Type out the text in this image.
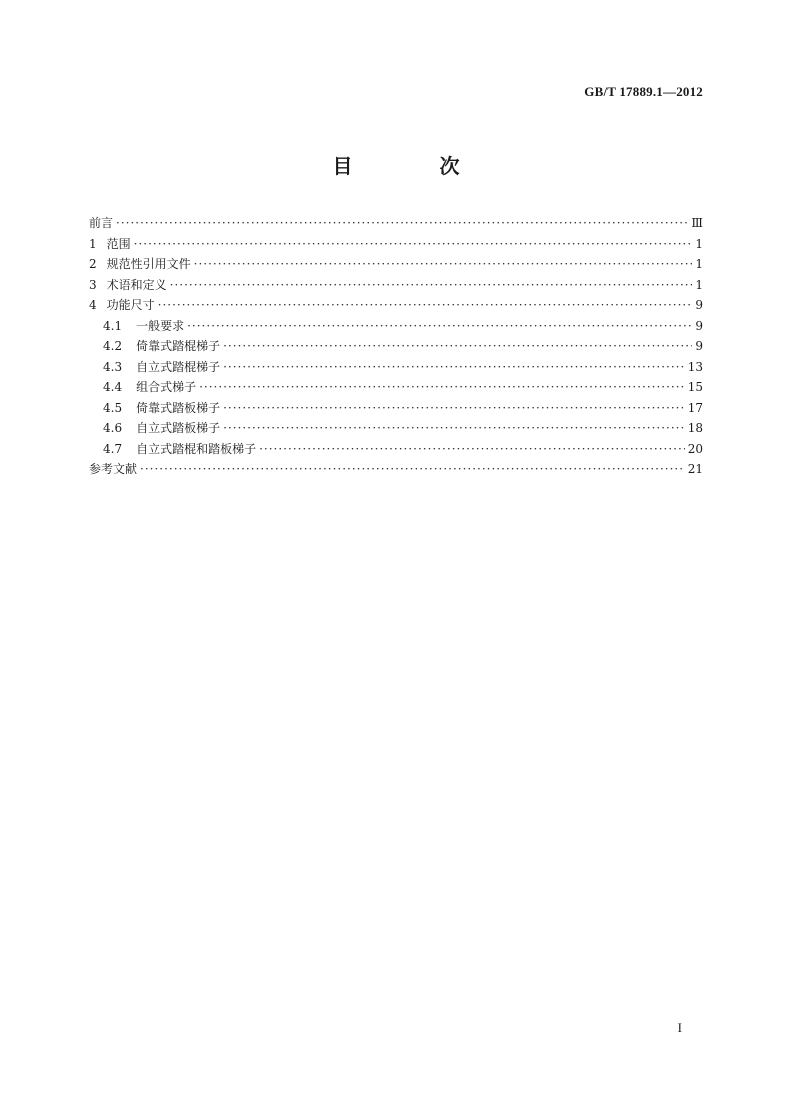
GB/T 17889.1—2012
目 次
前言 ·····	Ⅲ
1 范围 ·····	1
2 规范性引用文件 ·····	1
3 术语和定义 ·····	1
4 功能尺寸 ·····	9
4.1 一般要求 ·····	9
4.2 倚靠式踏棍梯子 ·····	9
4.3 自立式踏棍梯子 ·····	13
4.4 组合式梯子 ·····	15
4.5 倚靠式踏板梯子 ·····	17
4.6 自立式踏板梯子 ·····	18
4.7 自立式踏棍和踏板梯子 ·····	20
参考文献 ·····	21
I
